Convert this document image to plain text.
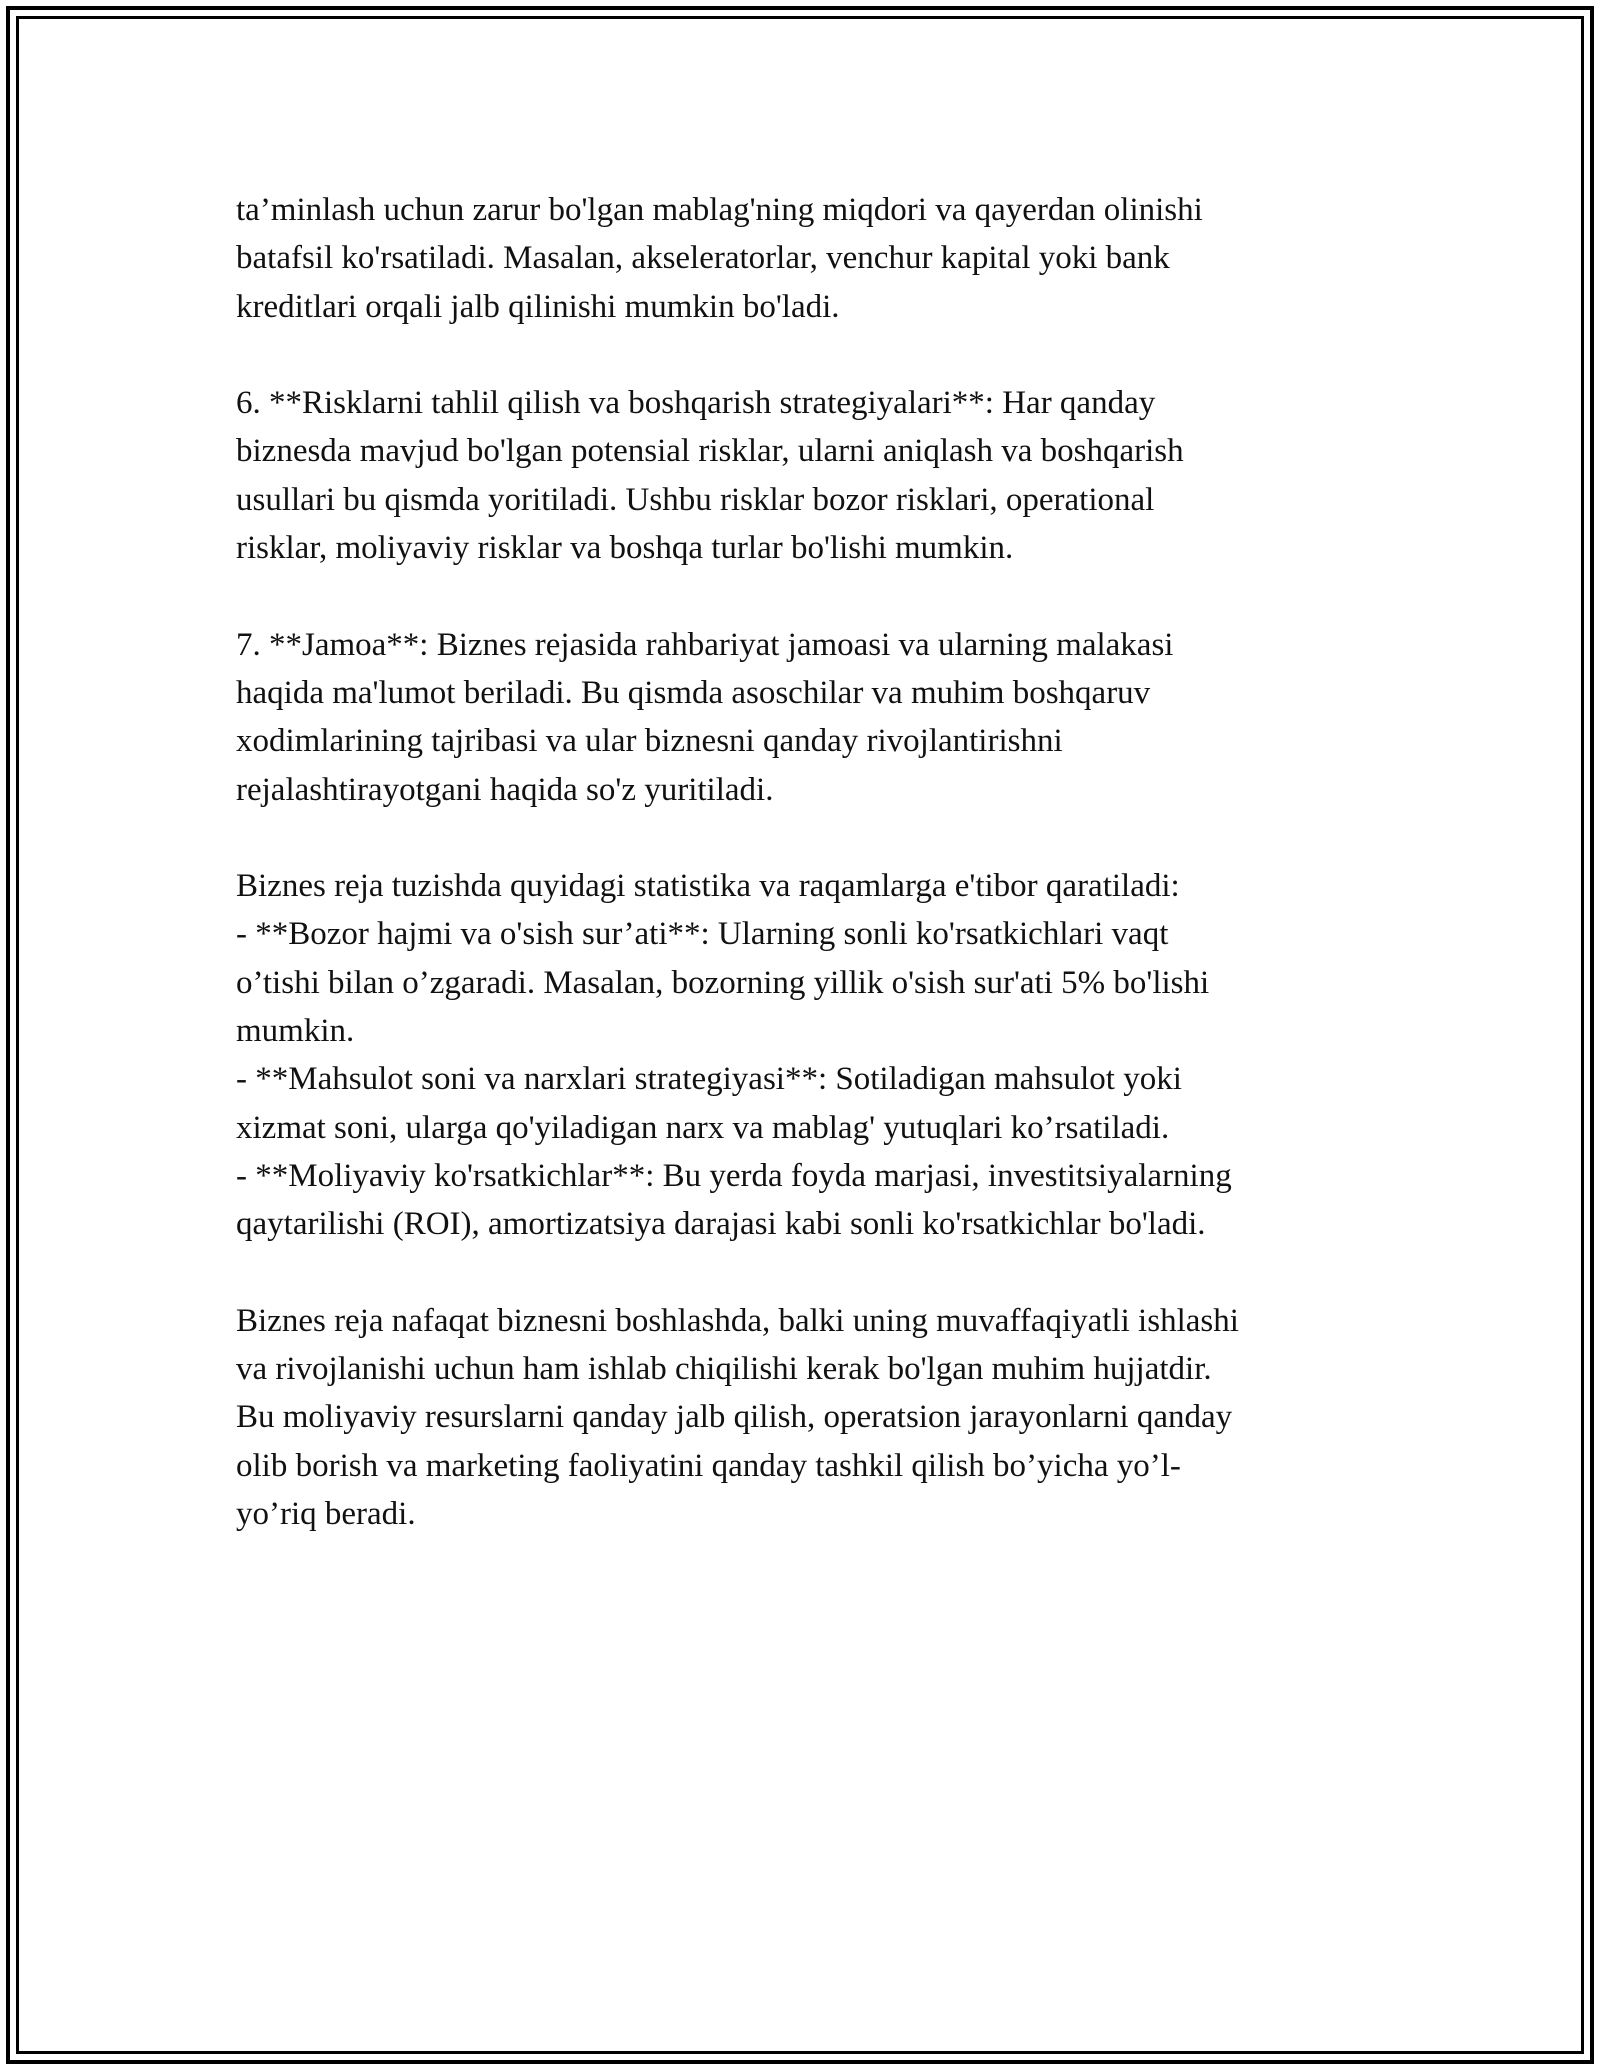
ta’minlash uchun zarur bo'lgan mablag'ning miqdori va qayerdan olinishi
batafsil ko'rsatiladi. Masalan, akseleratorlar, venchur kapital yoki bank
kreditlari orqali jalb qilinishi mumkin bo'ladi.
6. **Risklarni tahlil qilish va boshqarish strategiyalari**: Har qanday
biznesda mavjud bo'lgan potensial risklar, ularni aniqlash va boshqarish
usullari bu qismda yoritiladi. Ushbu risklar bozor risklari, operational
risklar, moliyaviy risklar va boshqa turlar bo'lishi mumkin.
7. **Jamoa**: Biznes rejasida rahbariyat jamoasi va ularning malakasi
haqida ma'lumot beriladi. Bu qismda asoschilar va muhim boshqaruv
xodimlarining tajribasi va ular biznesni qanday rivojlantirishni
rejalashtirayotgani haqida so'z yuritiladi.
Biznes reja tuzishda quyidagi statistika va raqamlarga e'tibor qaratiladi:
- **Bozor hajmi va o'sish sur’ati**: Ularning sonli ko'rsatkichlari vaqt
o’tishi bilan o’zgaradi. Masalan, bozorning yillik o'sish sur'ati 5% bo'lishi
mumkin.
- **Mahsulot soni va narxlari strategiyasi**: Sotiladigan mahsulot yoki
xizmat soni, ularga qo'yiladigan narx va mablag' yutuqlari ko’rsatiladi.
- **Moliyaviy ko'rsatkichlar**: Bu yerda foyda marjasi, investitsiyalarning
qaytarilishi (ROI), amortizatsiya darajasi kabi sonli ko'rsatkichlar bo'ladi.
Biznes reja nafaqat biznesni boshlashda, balki uning muvaffaqiyatli ishlashi
va rivojlanishi uchun ham ishlab chiqilishi kerak bo'lgan muhim hujjatdir.
Bu moliyaviy resurslarni qanday jalb qilish, operatsion jarayonlarni qanday
olib borish va marketing faoliyatini qanday tashkil qilish bo’yicha yo’l-
yo’riq beradi.
